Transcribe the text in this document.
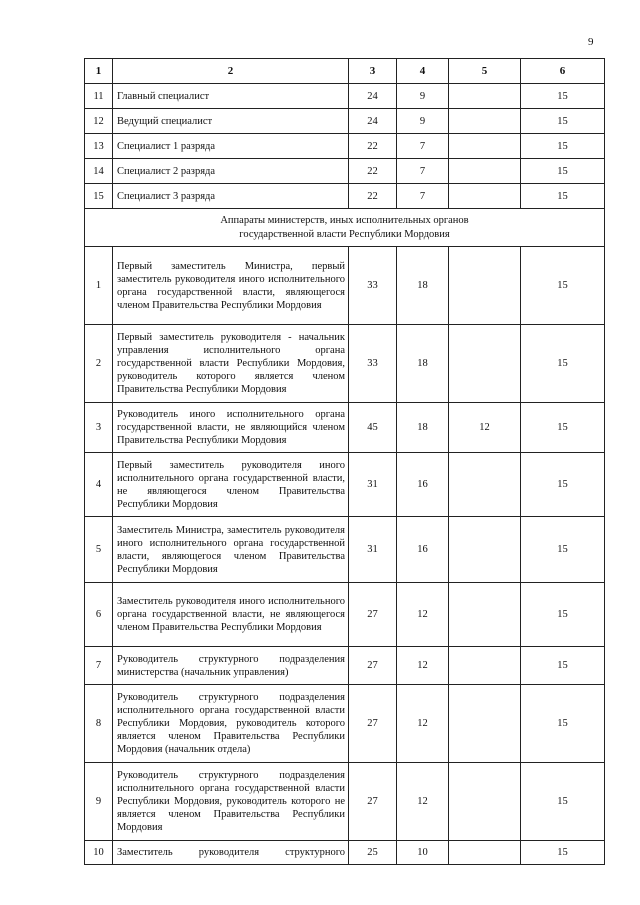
9
1	2	3	4	5	6
11	Главный специалист	24	9		15
12	Ведущий специалист	24	9		15
13	Специалист 1 разряда	22	7		15
14	Специалист 2 разряда	22	7		15
15	Специалист 3 разряда	22	7		15

Аппараты министерств, иных исполнительных органов
государственной власти Республики Мордовия					

1	Первый заместитель Министра, первый заместитель руководителя иного исполнительного органа государственной власти, являющегося членом Правительства Республики Мордовия	33	18		15
2	Первый заместитель руководителя - начальник управления исполнительного органа государственной власти Республики Мордовия, руководитель которого является членом Правительства Республики Мордовия	33	18		15
3	Руководитель иного исполнительного органа государственной власти, не являющийся членом Правительства Республики Мордовия	45	18	12	15
4	Первый заместитель руководителя иного исполнительного органа государственной власти, не являющегося членом Правительства Республики Мордовия	31	16		15
5	Заместитель Министра, заместитель руководителя иного исполнительного органа государственной власти, являющегося членом Правительства Республики Мордовия	31	16		15
6	Заместитель руководителя иного исполнительного органа государственной власти, не являющегося членом Правительства Республики Мордовия	27	12		15
7	Руководитель структурного подразделения министерства (начальник управления)	27	12		15
8	Руководитель структурного подразделения исполнительного органа государственной власти Республики Мордовия, руководитель которого является членом Правительства Республики Мордовия (начальник отдела)	27	12		15
9	Руководитель структурного подразделения исполнительного органа государственной власти Республики Мордовия, руководитель которого не является членом Правительства Республики Мордовия	27	12		15
10	Заместитель руководителя структурного	25	10		15
